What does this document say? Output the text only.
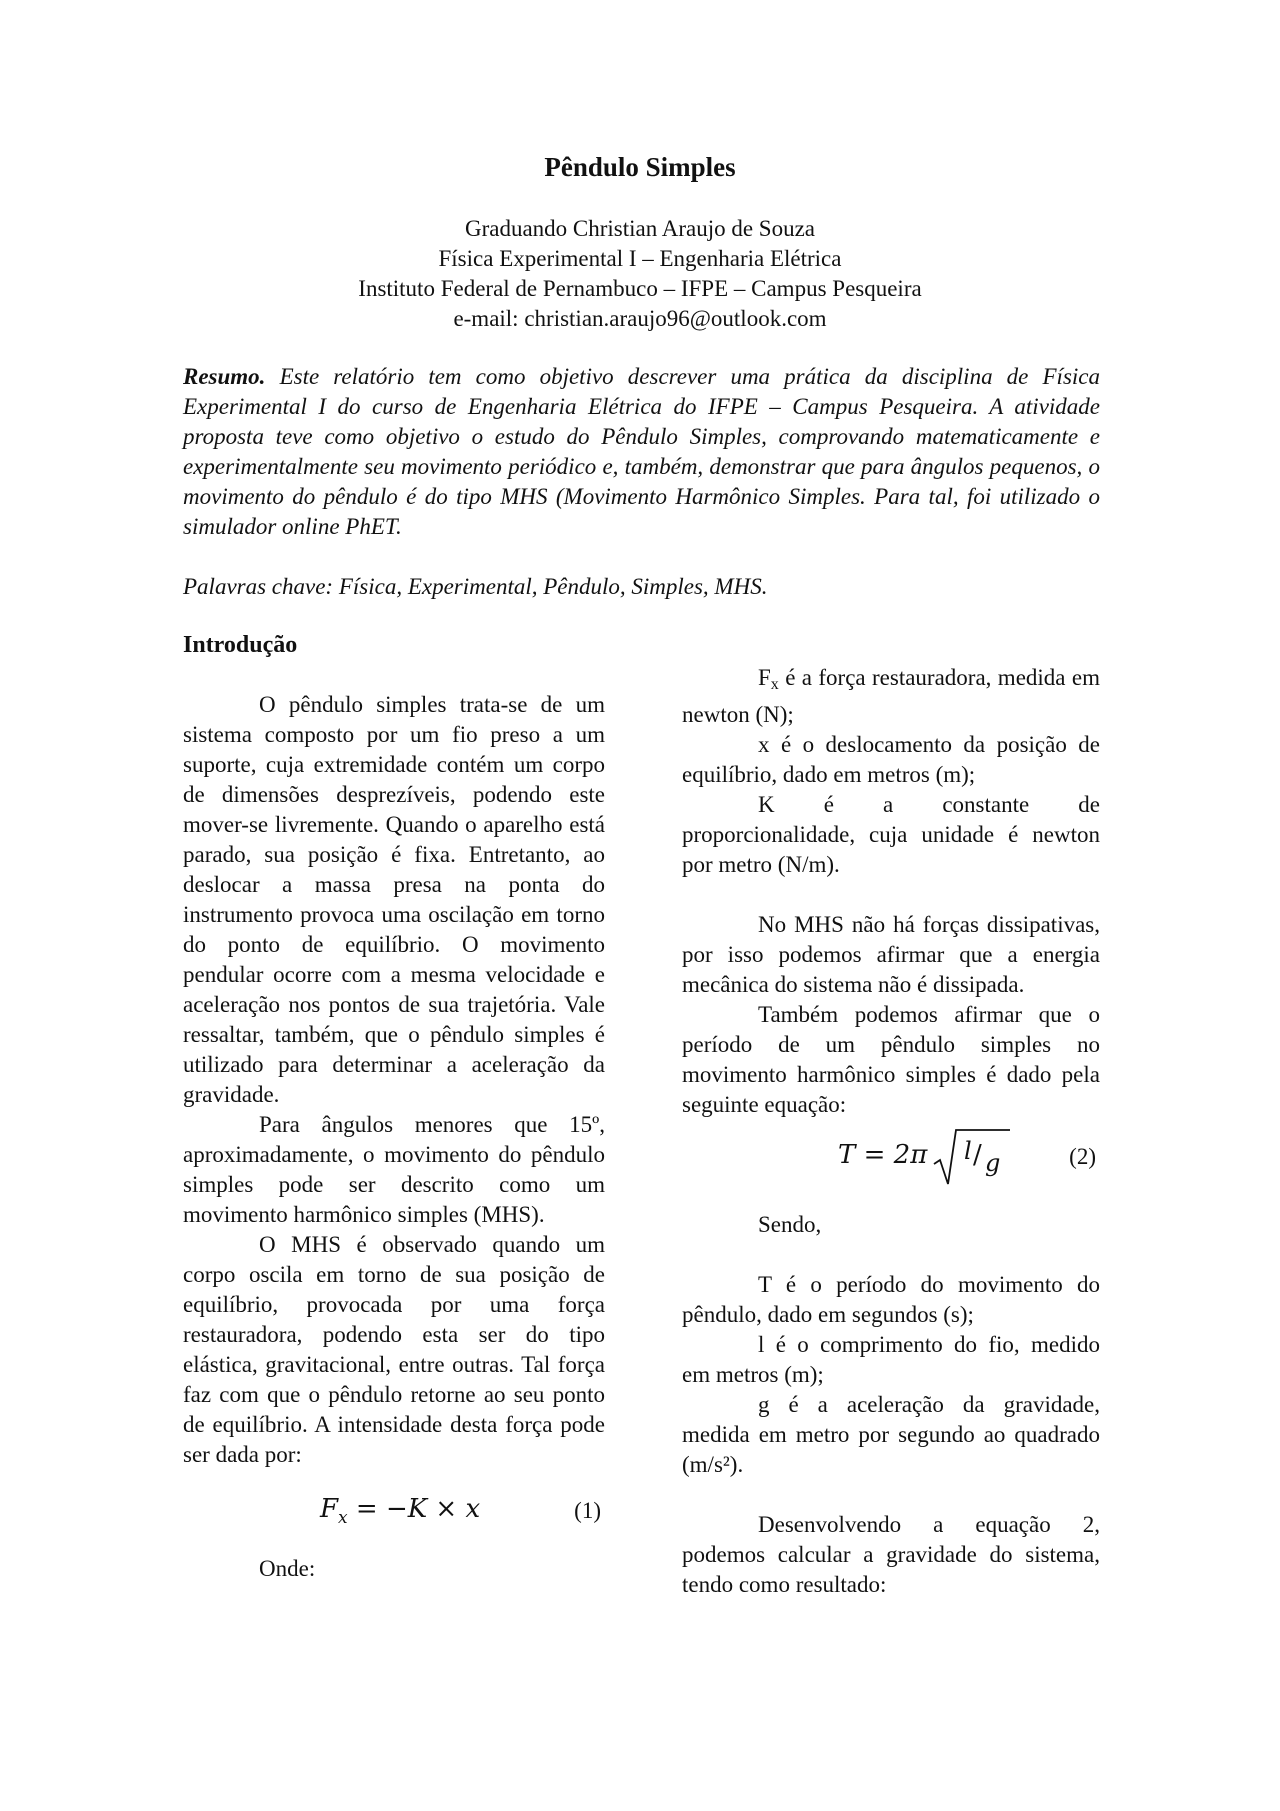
Pêndulo Simples
Graduando Christian Araujo de Souza
Física Experimental I – Engenharia Elétrica
Instituto Federal de Pernambuco – IFPE – Campus Pesqueira
e-mail: christian.araujo96@outlook.com
Resumo. Este relatório tem como objetivo descrever uma prática da disciplina de Física Experimental I do curso de Engenharia Elétrica do IFPE – Campus Pesqueira. A atividade proposta teve como objetivo o estudo do Pêndulo Simples, comprovando matematicamente e experimentalmente seu movimento periódico e, também, demonstrar que para ângulos pequenos, o movimento do pêndulo é do tipo MHS (Movimento Harmônico Simples. Para tal, foi utilizado o simulador online PhET.
Palavras chave: Física, Experimental, Pêndulo, Simples, MHS.
Introdução

O pêndulo simples trata-se de um sistema composto por um fio preso a um suporte, cuja extremidade contém um corpo de dimensões desprezíveis, podendo este mover-se livremente. Quando o aparelho está parado, sua posição é fixa. Entretanto, ao deslocar a massa presa na ponta do instrumento provoca uma oscilação em torno do ponto de equilíbrio. O movimento pendular ocorre com a mesma velocidade e aceleração nos pontos de sua trajetória. Vale ressaltar, também, que o pêndulo simples é utilizado para determinar a aceleração da gravidade.

Para ângulos menores que 15º, aproximadamente, o movimento do pêndulo simples pode ser descrito como um movimento harmônico simples (MHS).

O MHS é observado quando um corpo oscila em torno de sua posição de equilíbrio, provocada por uma força restauradora, podendo esta ser do tipo elástica, gravitacional, entre outras. Tal força faz com que o pêndulo retorne ao seu ponto de equilíbrio. A intensidade desta força pode ser dada por:

$F_x = -K \times x$	(1)

Onde:

$F_x$ é a força restauradora, medida em newton (N);

x é o deslocamento da posição de equilíbrio, dado em metros (m);

K é a constante de proporcionalidade, cuja unidade é newton por metro (N/m).

No MHS não há forças dissipativas, por isso podemos afirmar que a energia mecânica do sistema não é dissipada.

Também podemos afirmar que o período de um pêndulo simples no movimento harmônico simples é dado pela seguinte equação:

T = 2π l / g	(2)

Sendo,

T é o período do movimento do pêndulo, dado em segundos (s);

l é o comprimento do fio, medido em metros (m);

g é a aceleração da gravidade, medida em metro por segundo ao quadrado (m/s²).

Desenvolvendo a equação 2, podemos calcular a gravidade do sistema, tendo como resultado:
